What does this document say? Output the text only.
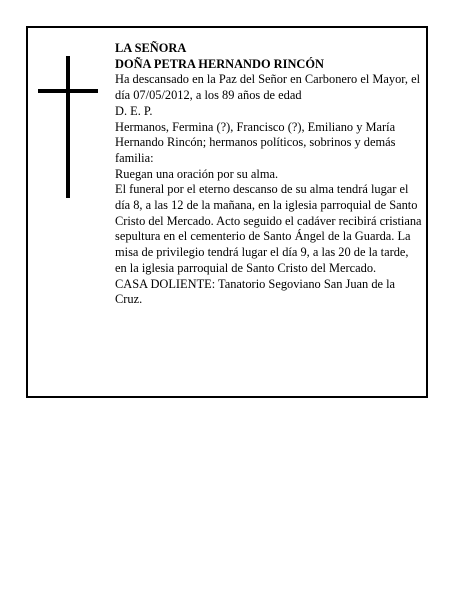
LA SEÑORA

DOÑA PETRA HERNANDO RINCÓN

Ha descansado en la Paz del Señor en Carbonero el Mayor, el día 07/05/2012, a los 89 años de edad

D. E. P.

Hermanos, Fermina (?), Francisco (?), Emiliano y María Hernando Rincón; hermanos políticos, sobrinos y demás familia:

Ruegan una oración por su alma.

El funeral por el eterno descanso de su alma tendrá lugar el día 8, a las 12 de la mañana, en la iglesia parroquial de Santo Cristo del Mercado. Acto seguido el cadáver recibirá cristiana sepultura en el cementerio de Santo Ángel de la Guarda. La misa de privilegio tendrá lugar el día 9, a las 20 de la tarde, en la iglesia parroquial de Santo Cristo del Mercado.

CASA DOLIENTE: Tanatorio Segoviano San Juan de la Cruz.
